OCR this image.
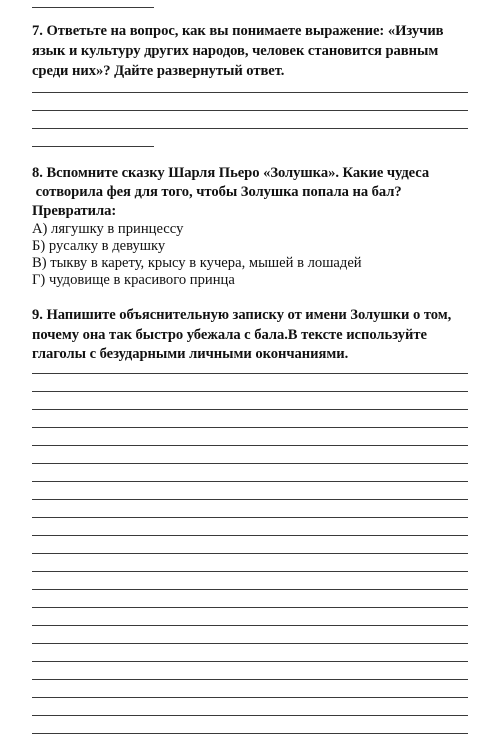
7. Ответьте на вопрос, как вы понимаете выражение: «Изучив
язык и культуру других народов, человек становится равным
среди них»? Дайте развернутый ответ.
8. Вспомните сказку Шарля Пьеро «Золушка». Какие чудеса
сотворила фея для того, чтобы Золушка попала на бал?
Превратила:
А) лягушку в принцессу
Б) русалку в девушку
В) тыкву в карету, крысу в кучера, мышей в лошадей
Г) чудовище в красивого принца
9. Напишите объяснительную записку от имени Золушки о том,
почему она так быстро убежала с бала.В тексте используйте
глаголы с безударными личными окончаниями.
